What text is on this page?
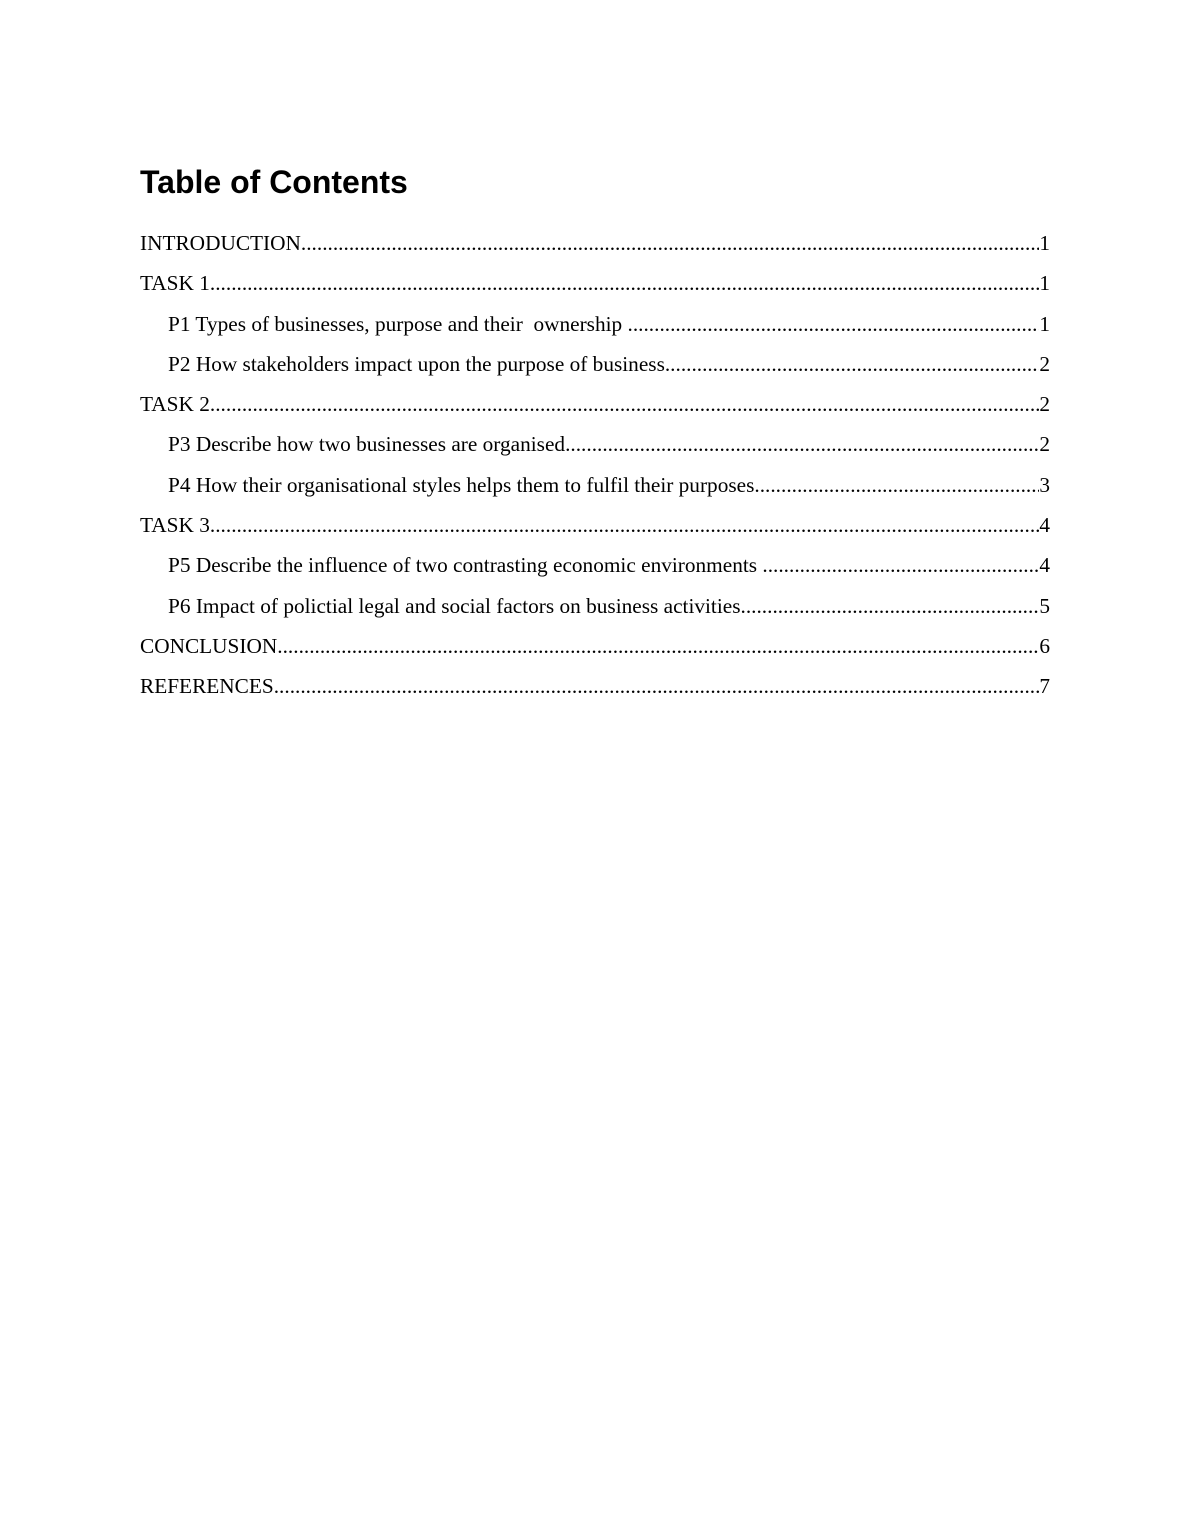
Table of Contents
INTRODUCTION .....	1
TASK 1 .....	1
P1 Types of businesses, purpose and their  ownership .....	1
P2 How stakeholders impact upon the purpose of business .....	2
TASK 2 .....	2
P3 Describe how two businesses are organised .....	2
P4 How their organisational styles helps them to fulfil their purposes .....	3
TASK 3 .....	4
P5 Describe the influence of two contrasting economic environments .....	4
P6 Impact of polictial legal and social factors on business activities .....	5
CONCLUSION .....	6
REFERENCES .....	7
